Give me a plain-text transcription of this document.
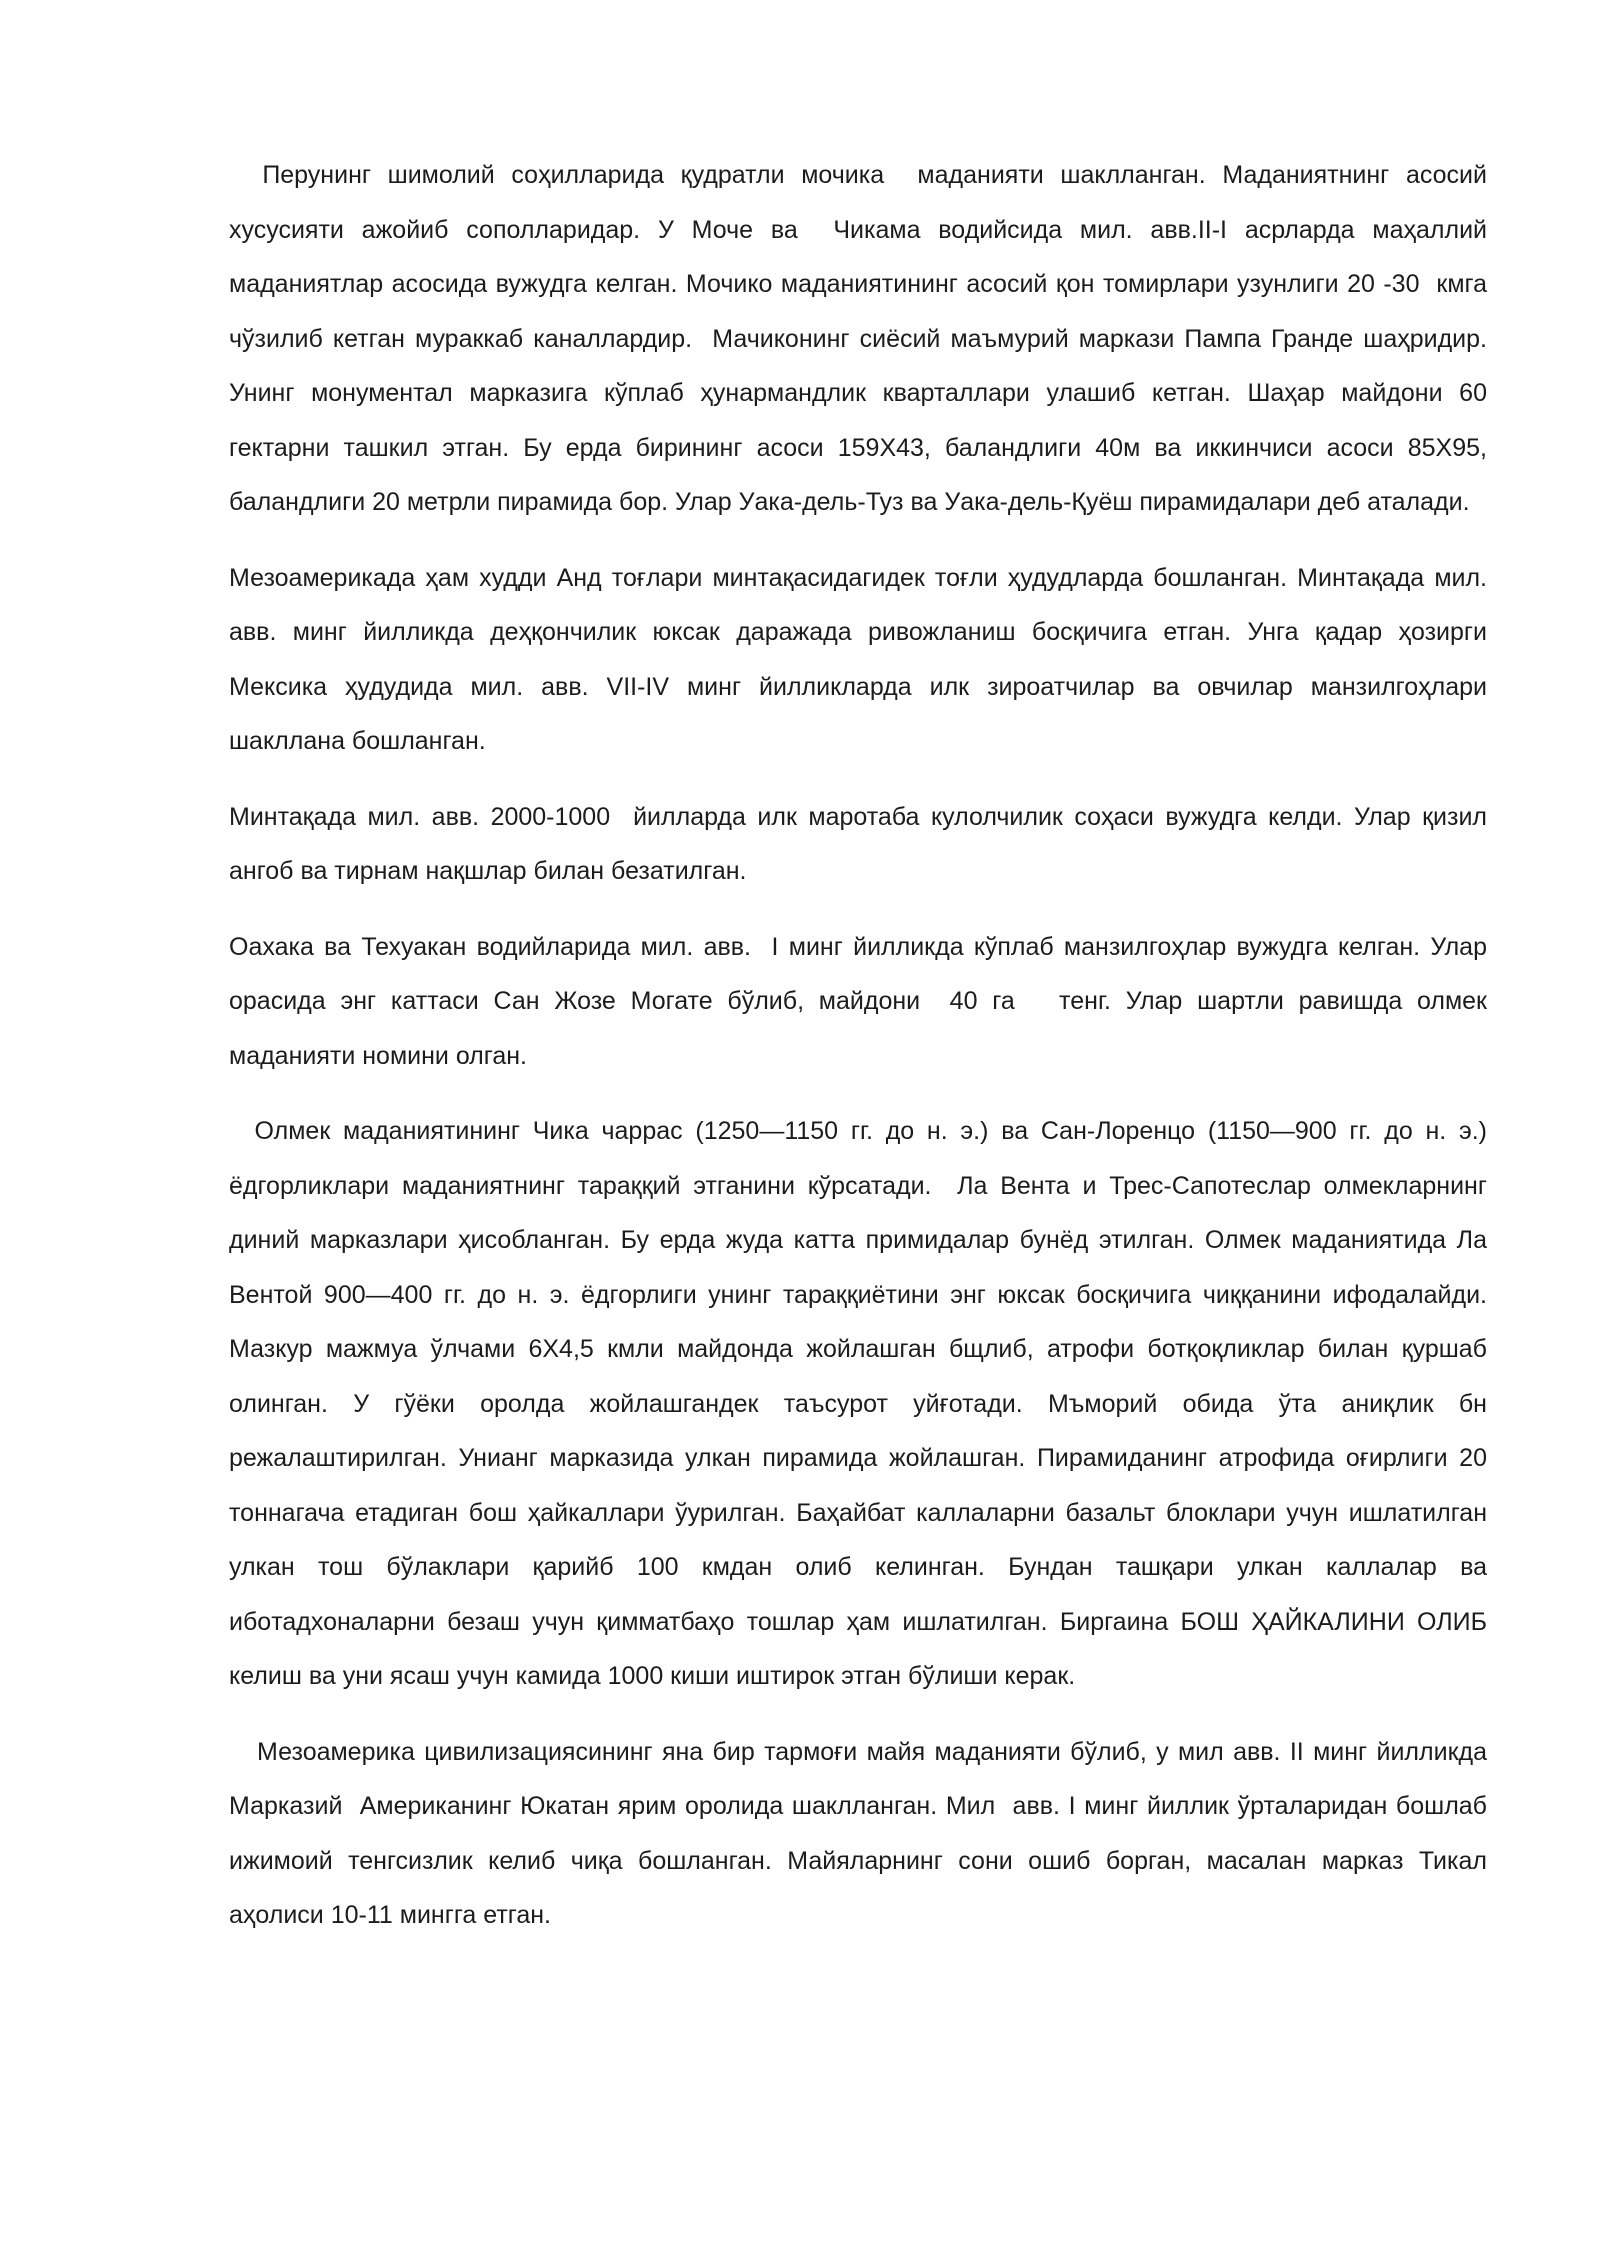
Перунинг шимолий соҳилларида қудратли мочика  маданияти шаклланган. Маданиятнинг асосий хусусияти ажойиб сополларидар. У Моче ва  Чикама водийсида мил. авв.II-I асрларда маҳаллий маданиятлар асосида вужудга келган. Мочико маданиятининг асосий қон томирлари узунлиги 20 -30  кмга чўзилиб кетган мураккаб каналлардир.  Мачиконинг сиёсий маъмурий маркази Пампа Гранде шаҳридир. Унинг монументал марказига кўплаб ҳунармандлик кварталлари улашиб кетган. Шаҳар майдони 60 гектарни ташкил этган. Бу ерда бирининг асоси 159Х43, баландлиги 40м ва иккинчиси асоси 85Х95, баландлиги 20 метрли пирамида бор. Улар Уака-дель-Туз ва Уака-дель-Қуёш пирамидалари деб аталади.

Мезоамерикада ҳам худди Анд тоғлари минтақасидагидек тоғли ҳудудларда бошланган. Минтақада мил. авв. минг йилликда деҳқончилик юксак даражада ривожланиш босқичига етган. Унга қадар ҳозирги Мексика ҳудудида мил. авв. VII-IV минг йилликларда илк зироатчилар ва овчилар манзилгоҳлари шакллана бошланган.

Минтақада мил. авв. 2000-1000  йилларда илк маротаба кулолчилик соҳаси вужудга келди. Улар қизил ангоб ва тирнам нақшлар билан безатилган.

Оахака ва Техуакан водийларида мил. авв.  I минг йилликда кўплаб манзилгоҳлар вужудга келган. Улар орасида энг каттаси Сан Жозе Могате бўлиб, майдони  40 га   тенг. Улар шартли равишда олмек маданияти номини олган.

Олмек маданиятининг Чика чаррас (1250—1150 гг. до н. э.) ва Сан-Лоренцо (1150—900 гг. до н. э.) ёдгорликлари маданиятнинг тараққий этганини кўрсатади.  Ла Вента и Трес-Сапотеслар олмекларнинг диний марказлари ҳисобланган. Бу ерда жуда катта примидалар бунёд этилган. Олмек маданиятида Ла Вентой 900—400 гг. до н. э. ёдгорлиги унинг тараққиётини энг юксак босқичига чиққанини ифодалайди. Мазкур мажмуа ўлчами 6Х4,5 кмли майдонда жойлашган бщлиб, атрофи ботқоқликлар билан қуршаб олинган. У гўёки оролда жойлашгандек таъсурот уйғотади. Мъморий обида ўта аниқлик бн режалаштирилган. Униaнг марказида улкан пирамида жойлашган. Пирамиданинг атрофида оғирлиги 20 тоннагача етадиган бош ҳайкаллари ўурилган. Баҳайбат каллаларни базальт блоклари учун ишлатилган улкан тош бўлаклари қарийб 100 кмдан олиб келинган. Бундан ташқари улкан каллалар ва ибoтадхоналарни безаш учун қимматбаҳо тошлар ҳам ишлатилган. Биргаина БОШ ҲАЙКАЛИНИ ОЛИБ келиш ва уни ясаш учун камида 1000 киши иштирок этган бўлиши керак.

Мезоамерика цивилизациясининг яна бир тармоғи майя маданияти бўлиб, у мил авв. II минг йилликда Марказий  Американинг Юкатан ярим оролида шаклланган. Мил  авв. I минг йиллик ўрталаридан бошлаб ижимоий тенгсизлик келиб чиқа бошланган. Майяларнинг сони ошиб борган, масалан марказ Тикал аҳолиси 10-11 мингга етган.
